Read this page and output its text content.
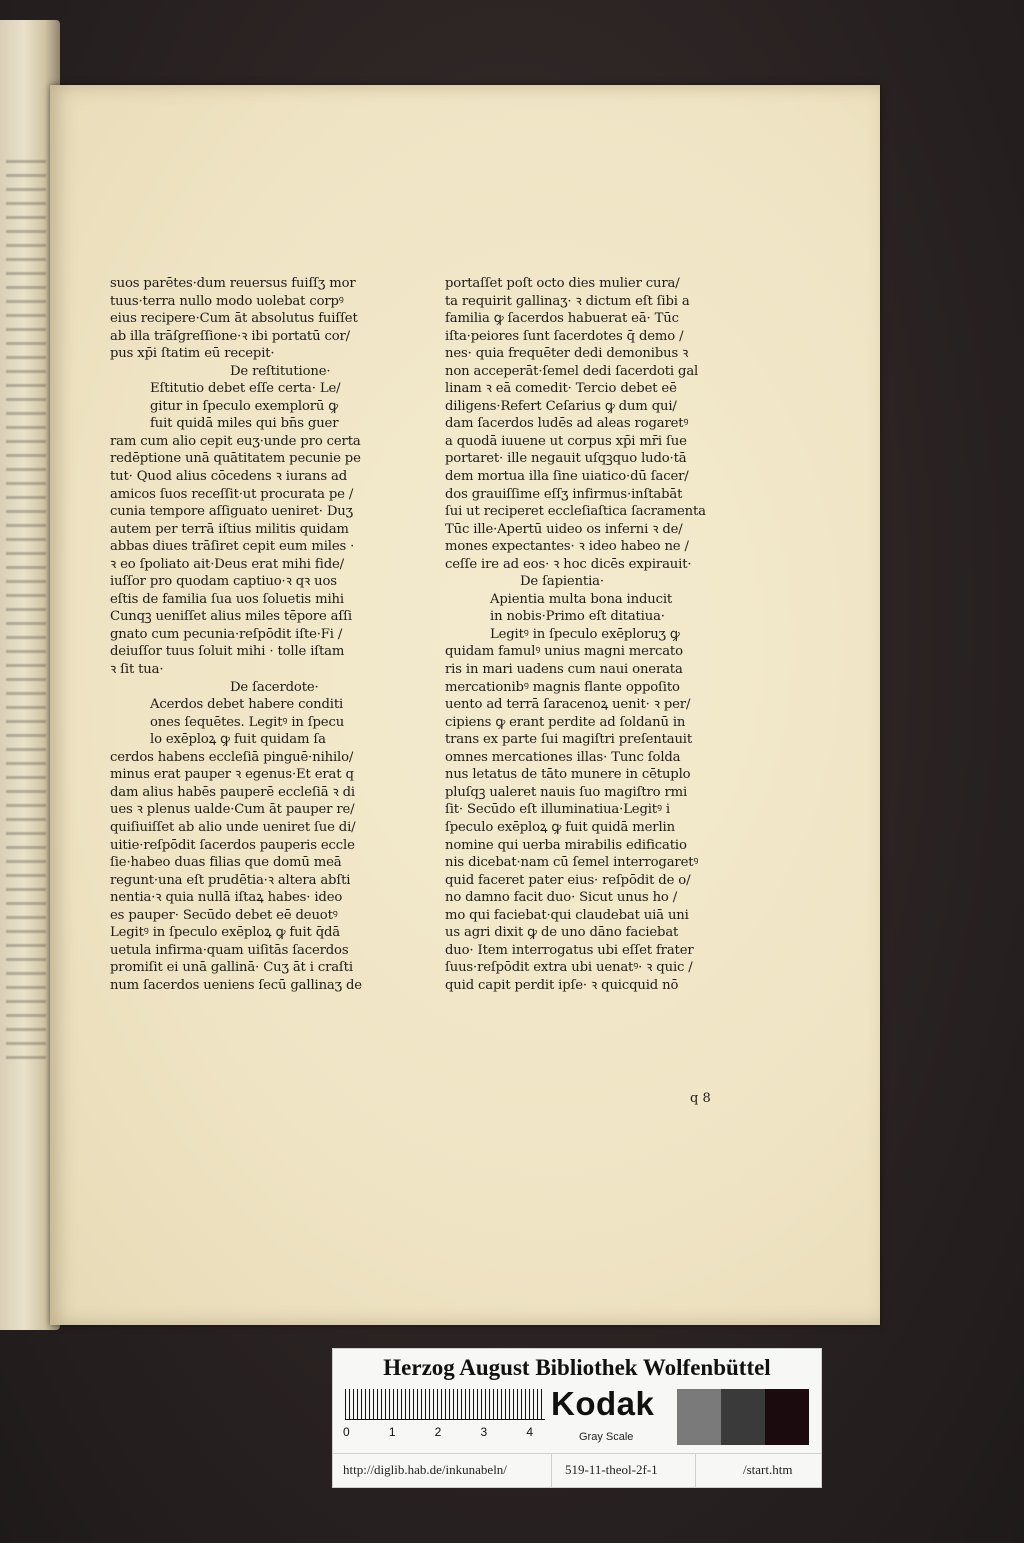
suos parētes·dum reuersus fuiſſʒ mor
tuus·terra nullo modo uolebat corpꝰ
eius recipere·Cum āt absolutus fuiſſet
ab illa trāſgreſſione·ꝛ ibi portatū cor/
pus xp̄i ſtatim eū recepit·
De reſtitutione·
Eſtitutio debet eſſe certa· Le/
gitur in ſpeculo exemplorū ꝙ
fuit quidā miles qui bn̄s guer
ram cum alio cepit euʒ·unde pro certa
redēptione unā quātitatem pecunie pe
tut· Quod alius cōcedens ꝛ iurans ad
amicos ſuos receſſit·ut procurata pe /
cunia tempore aſſiguato ueniret· Duʒ
autem per terrā iſtius militis quidam
abbas diues trāſiret cepit eum miles ·
ꝛ eo ſpoliato ait·Deus erat mihi fide/
iuſſor pro quodam captiuo·ꝛ qꝛ uos
eſtis de familia ſua uos ſoluetis mihi
Cunqꝫ ueniſſet alius miles tēpore aſſi
gnato cum pecunia·reſpōdit iſte·Fi /
deiuſſor tuus ſoluit mihi · tolle iſtam
ꝛ ſit tua·
De ſacerdote·
Acerdos debet habere conditi
ones ſequētes. Legitꝰ in ſpecu
lo exēploꝝ ꝙ fuit quidam ſa
cerdos habens eccleſiā pinguē·nihilo/
minus erat pauper ꝛ egenus·Et erat q
dam alius habēs pauperē eccleſiā ꝛ di
ues ꝛ plenus ualde·Cum āt pauper re/
quiſiuiſſet ab alio unde ueniret ſue di/
uitie·reſpōdit ſacerdos pauperis eccle
ſie·habeo duas filias que domū meā
regunt·una eſt prudētia·ꝛ altera abſti
nentia·ꝛ quia nullā iſtaꝝ habes· ideo
es pauper· Secūdo debet eē deuotꝰ
Legitꝰ in ſpeculo exēploꝝ ꝙ fuit q̄dā
uetula infirma·quam uiſitās ſacerdos
promiſit ei unā gallinā· Cuʒ āt i craſti
num ſacerdos ueniens ſecū gallinaʒ de
portaſſet poſt octo dies mulier cura/
ta requirit gallinaʒ· ꝛ dictum eſt ſibi a
familia ꝙ ſacerdos habuerat eā· Tūc
iſta·peiores ſunt ſacerdotes q̄ demo /
nes· quia frequēter dedi demonibus ꝛ
non acceperāt·ſemel dedi ſacerdoti gal
linam ꝛ eā comedit· Tercio debet eē
diligens·Refert Ceſarius ꝙ dum qui/
dam ſacerdos ludēs ad aleas rogaretꝰ
a quodā iuuene ut corpus xp̄i mr̄i ſue
portaret· ille negauit uſqꝫquo ludo·tā
dem mortua illa ſine uiatico·dū ſacer/
dos grauiſſime eſſʒ infirmus·inſtabāt
ſui ut reciperet eccleſiaſtica ſacramenta
Tūc ille·Apertū uideo os inferni ꝛ de/
mones expectantes· ꝛ ideo habeo ne /
ceſſe ire ad eos· ꝛ hoc dicēs expirauit·
De ſapientia·
Apientia multa bona inducit
in nobis·Primo eſt ditatiua·
Legitꝰ in ſpeculo exēploruʒ ꝙ
quidam famulꝰ unius magni mercato
ris in mari uadens cum naui onerata
mercationibꝰ magnis flante oppoſito
uento ad terrā ſaracenoꝝ uenit· ꝛ per/
cipiens ꝙ erant perdite ad ſoldanū in
trans ex parte ſui magiſtri preſentauit
omnes mercationes illas· Tunc ſolda
nus letatus de tāto munere in cētuplo
pluſqꝫ ualeret nauis ſuo magiſtro rmi
ſit· Secūdo eſt illuminatiua·Legitꝰ i
ſpeculo exēploꝝ ꝙ fuit quidā merlin
nomine qui uerba mirabilis edificatio
nis dicebat·nam cū ſemel interrogaretꝰ
quid faceret pater eius· reſpōdit de o/
no damno facit duo· Sicut unus ho /
mo qui faciebat·qui claudebat uiā uni
us agri dixit ꝙ de uno dāno faciebat
duo· Item interrogatus ubi eſſet frater
ſuus·reſpōdit extra ubi uenatꝰ· ꝛ quic /
quid capit perdit ipſe· ꝛ quicquid nō
q 8
Herzog August Bibliothek Wolfenbüttel
0	1	2	3	4
Kodak
Gray Scale
http://diglib.hab.de/inkunabeln/	519-11-theol-2f-1	/start.htm
